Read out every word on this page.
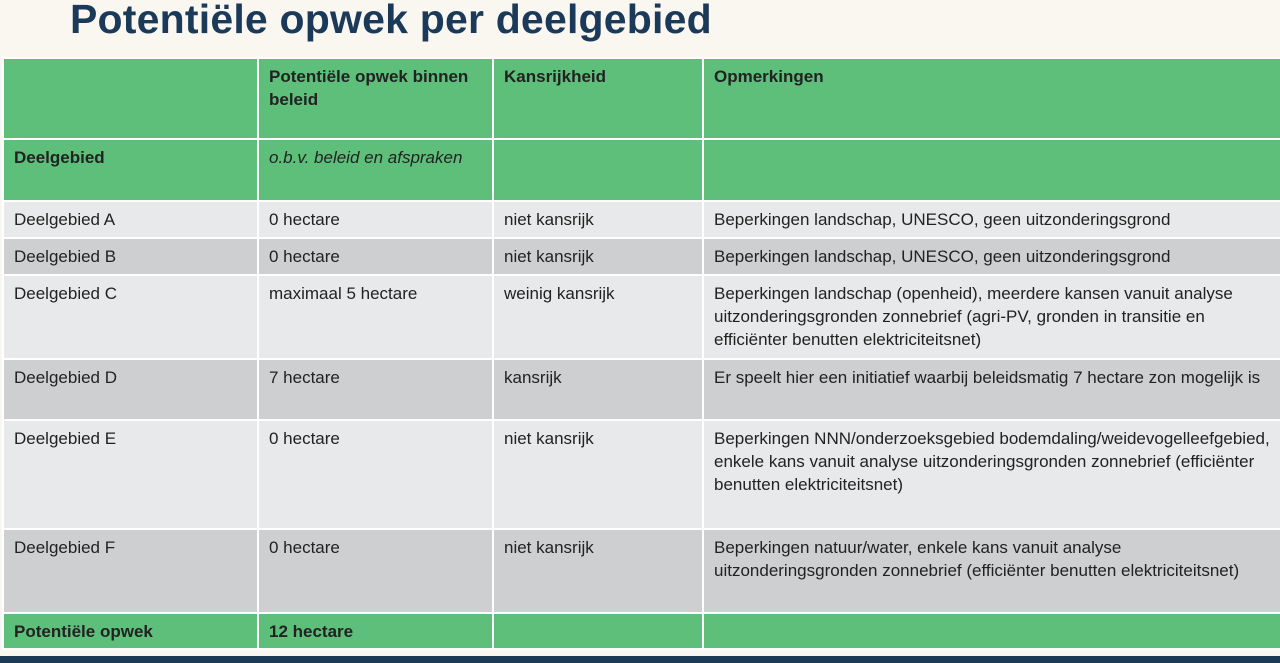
Potentiële opwek per deelgebied
	Potentiële opwek binnen beleid	Kansrijkheid	Opmerkingen
Deelgebied	o.b.v. beleid en afspraken		
Deelgebied A	0 hectare	niet kansrijk	Beperkingen landschap, UNESCO, geen uitzonderingsgrond
Deelgebied B	0 hectare	niet kansrijk	Beperkingen landschap, UNESCO, geen uitzonderingsgrond
Deelgebied C	maximaal 5 hectare	weinig kansrijk	Beperkingen landschap (openheid), meerdere kansen vanuit analyse uitzonderingsgronden zonnebrief (agri-PV, gronden in transitie en efficiënter benutten elektriciteitsnet)
Deelgebied D	7 hectare	kansrijk	Er speelt hier een initiatief waarbij beleidsmatig 7 hectare zon mogelijk is
Deelgebied E	0 hectare	niet kansrijk	Beperkingen NNN/onderzoeksgebied bodemdaling/weidevogelleefgebied, enkele kans vanuit analyse uitzonderingsgronden zonnebrief (efficiënter benutten elektriciteitsnet)
Deelgebied F	0 hectare	niet kansrijk	Beperkingen natuur/water, enkele kans vanuit analyse uitzonderingsgronden zonnebrief (efficiënter benutten elektriciteitsnet)
Potentiële opwek	12 hectare		
